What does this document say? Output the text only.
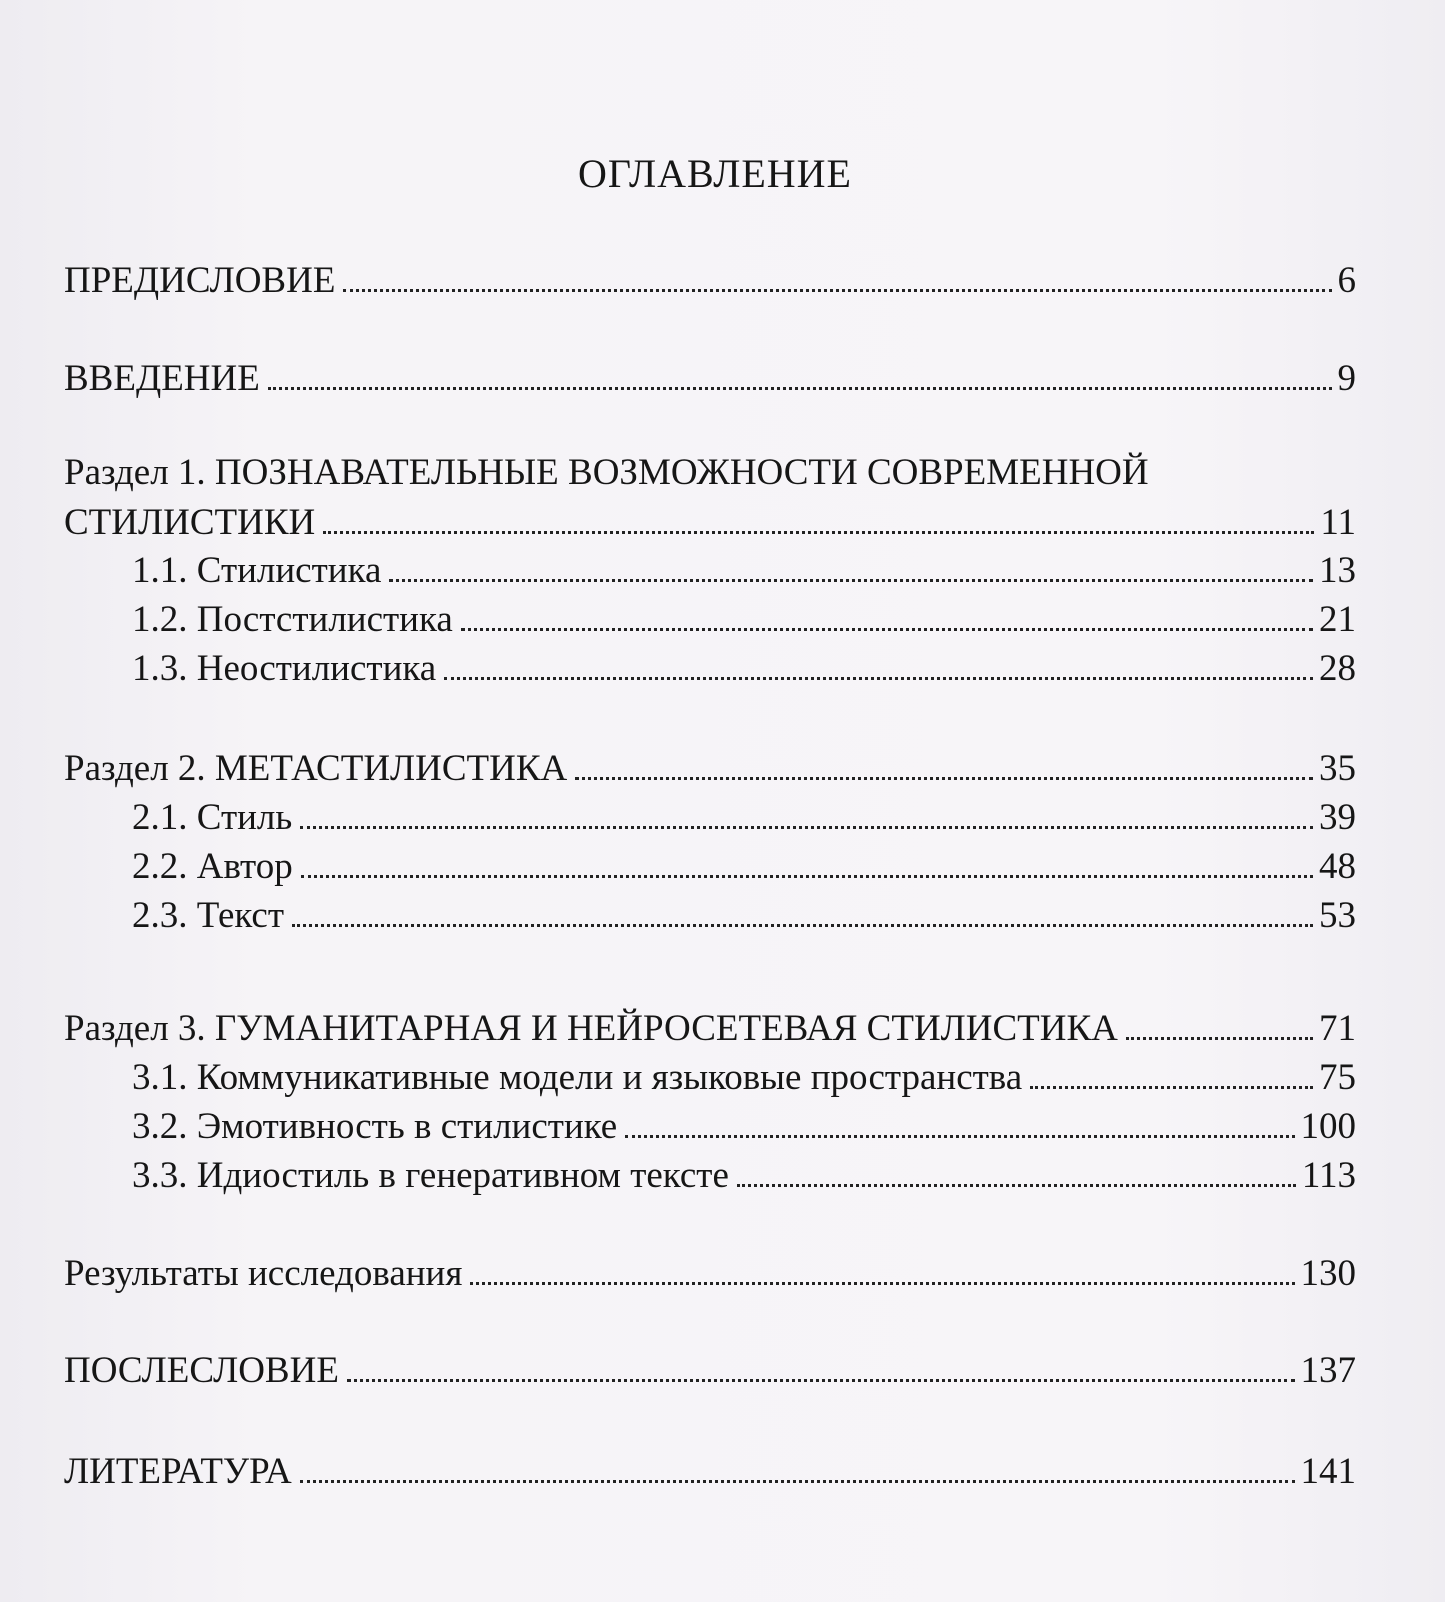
ОГЛАВЛЕНИЕ
ПРЕДИСЛОВИЕ	6
ВВЕДЕНИЕ	9
Раздел 1. ПОЗНАВАТЕЛЬНЫЕ ВОЗМОЖНОСТИ СОВРЕМЕННОЙ
СТИЛИСТИКИ	11
1.1. Стилистика	13
1.2. Постстилистика	21
1.3. Неостилистика	28
Раздел 2. МЕТАСТИЛИСТИКА	35
2.1. Стиль	39
2.2. Автор	48
2.3. Текст	53
Раздел 3. ГУМАНИТАРНАЯ И НЕЙРОСЕТЕВАЯ СТИЛИСТИКА	71
3.1. Коммуникативные модели и языковые пространства	75
3.2. Эмотивность в стилистике	100
3.3. Идиостиль в генеративном тексте	113
Результаты исследования	130
ПОСЛЕСЛОВИЕ	137
ЛИТЕРАТУРА	141
